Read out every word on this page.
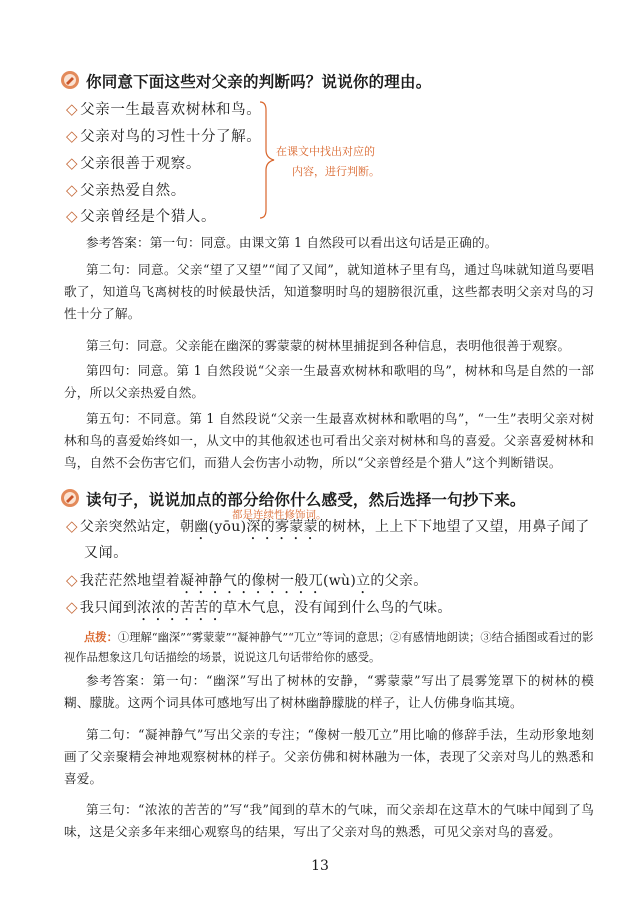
你同意下面这些对父亲的判断吗？说说你的理由。
◇ 父亲一生最喜欢树林和鸟。
◇ 父亲对鸟的习性十分了解。
◇ 父亲很善于观察。
◇ 父亲热爱自然。
◇ 父亲曾经是个猎人。
在课文中找出对应的
内容，进行判断。
参考答案：第一句：同意。由课文第 1 自然段可以看出这句话是正确的。
第二句：同意。父亲“望了又望”“闻了又闻”，就知道林子里有鸟，通过鸟味就知道鸟要唱歌了，知道鸟飞离树枝的时候最快活，知道黎明时鸟的翅膀很沉重，这些都表明父亲对鸟的习性十分了解。
第三句：同意。父亲能在幽深的雾蒙蒙的树林里捕捉到各种信息，表明他很善于观察。
第四句：同意。第 1 自然段说“父亲一生最喜欢树林和歌唱的鸟”，树林和鸟是自然的一部分，所以父亲热爱自然。
第五句：不同意。第 1 自然段说“父亲一生最喜欢树林和歌唱的鸟”，“一生”表明父亲对树林和鸟的喜爱始终如一，从文中的其他叙述也可看出父亲对树林和鸟的喜爱。父亲喜爱树林和鸟，自然不会伤害它们，而猎人会伤害小动物，所以“父亲曾经是个猎人”这个判断错误。
读句子，说说加点的部分给你什么感受，然后选择一句抄下来。
都是连续性修饰词。
◇ 父亲突然站定，朝幽(yōu)深的雾蒙蒙的树林，上上下下地望了又望，用鼻子闻了
又闻。
◇ 我茫茫然地望着凝神静气的像树一般兀(wù)立的父亲。
◇ 我只闻到浓浓的苦苦的草木气息，没有闻到什么鸟的气味。
点拨：①理解“幽深”“雾蒙蒙”“凝神静气”“兀立”等词的意思；②有感情地朗读；③结合插图或看过的影视作品想象这几句话描绘的场景，说说这几句话带给你的感受。
参考答案：第一句：“幽深”写出了树林的安静，“雾蒙蒙”写出了晨雾笼罩下的树林的模糊、朦胧。这两个词具体可感地写出了树林幽静朦胧的样子，让人仿佛身临其境。
第二句：“凝神静气”写出父亲的专注；“像树一般兀立”用比喻的修辞手法，生动形象地刻画了父亲聚精会神地观察树林的样子。父亲仿佛和树林融为一体，表现了父亲对鸟儿的熟悉和喜爱。
第三句：“浓浓的苦苦的”写“我”闻到的草木的气味，而父亲却在这草木的气味中闻到了鸟味，这是父亲多年来细心观察鸟的结果，写出了父亲对鸟的熟悉，可见父亲对鸟的喜爱。
13
